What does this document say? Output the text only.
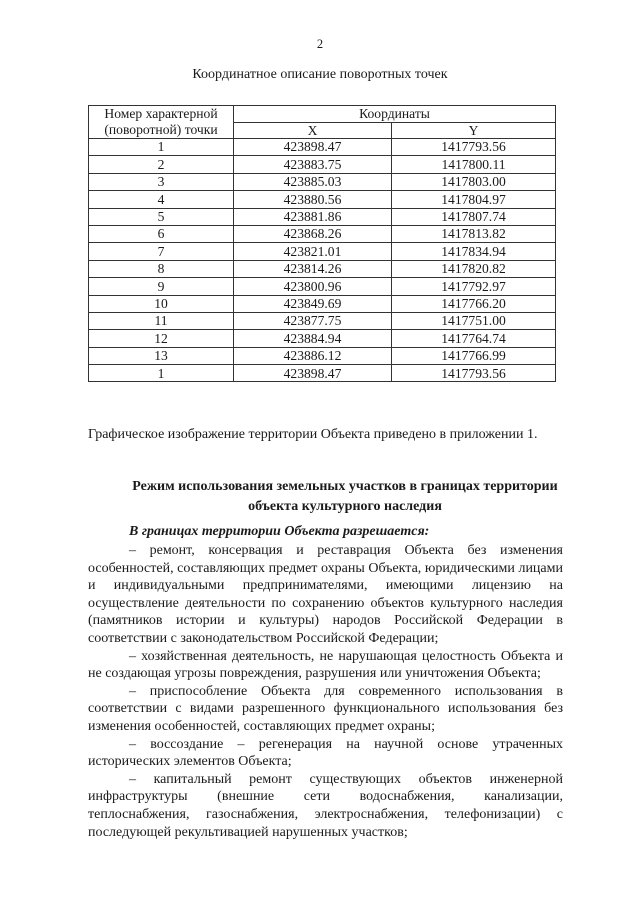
2
Координатное описание поворотных точек
Номер характерной (поворотной) точки	Координаты	
	X	Y
1	423898.47	1417793.56
2	423883.75	1417800.11
3	423885.03	1417803.00
4	423880.56	1417804.97
5	423881.86	1417807.74
6	423868.26	1417813.82
7	423821.01	1417834.94
8	423814.26	1417820.82
9	423800.96	1417792.97
10	423849.69	1417766.20
11	423877.75	1417751.00
12	423884.94	1417764.74
13	423886.12	1417766.99
1	423898.47	1417793.56
Графическое изображение территории Объекта приведено в приложении 1.
Режим использования земельных участков в границах территории объекта культурного наследия
В границах территории Объекта разрешается:

– ремонт, консервация и реставрация Объекта без изменения особенностей, составляющих предмет охраны Объекта, юридическими лицами и индивидуальными предпринимателями, имеющими лицензию на осуществление деятельности по сохранению объектов культурного наследия (памятников истории и культуры) народов Российской Федерации в соответствии с законодательством Российской Федерации;

– хозяйственная деятельность, не нарушающая целостность Объекта и не создающая угрозы повреждения, разрушения или уничтожения Объекта;

– приспособление Объекта для современного использования в соответствии с видами разрешенного функционального использования без изменения особенностей, составляющих предмет охраны;

– воссоздание – регенерация на научной основе утраченных исторических элементов Объекта;

– капитальный ремонт существующих объектов инженерной инфраструктуры (внешние сети водоснабжения, канализации, теплоснабжения, газоснабжения, электроснабжения, телефонизации) с последующей рекультивацией нарушенных участков;
